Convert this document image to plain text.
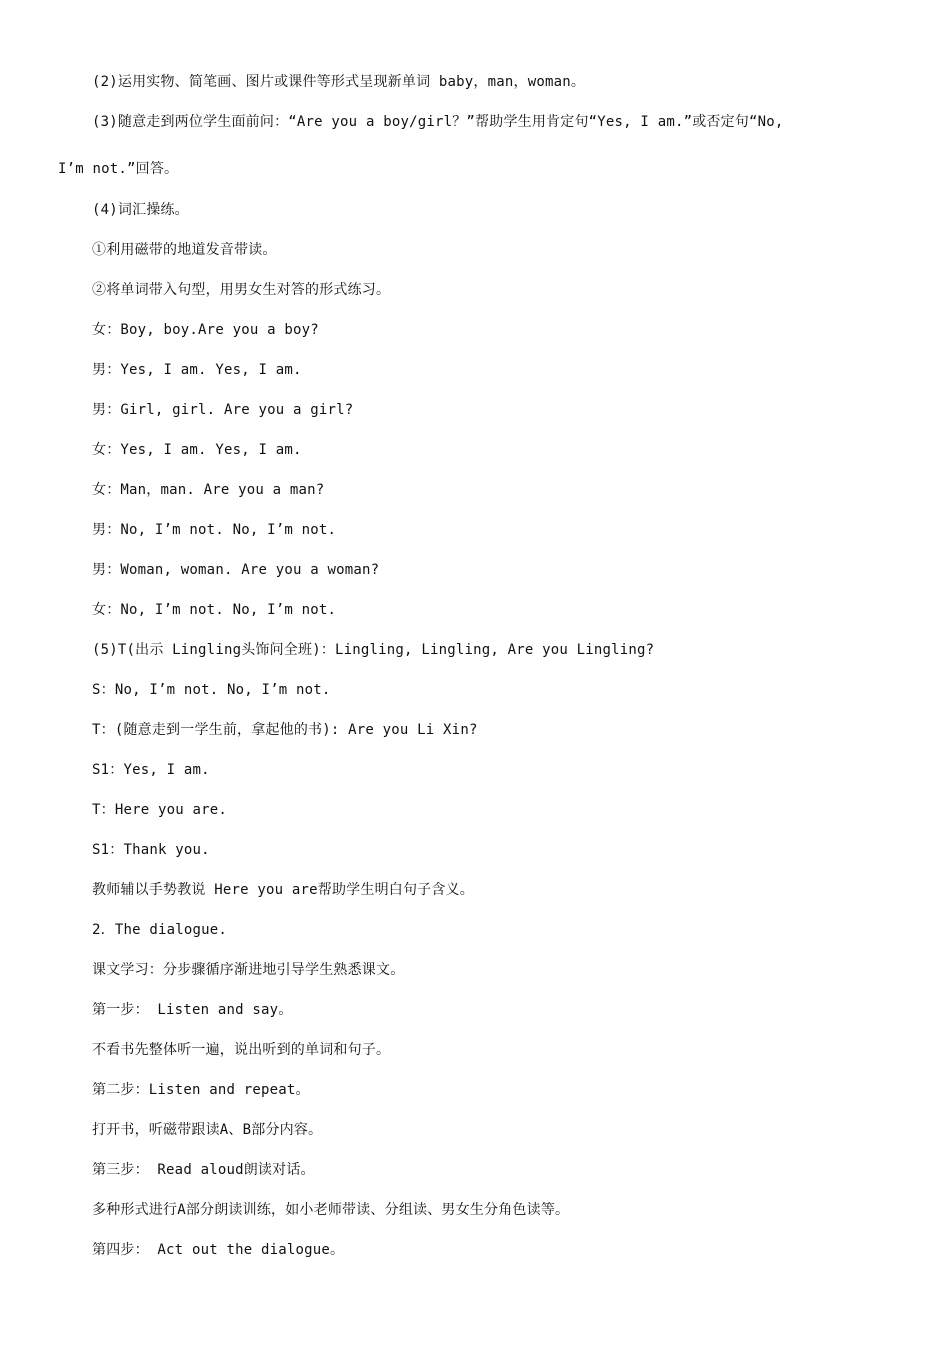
(2)运用实物、简笔画、图片或课件等形式呈现新单词 baby，man，woman。
(3)随意走到两位学生面前问：“Are you a boy/girl？”帮助学生用肯定句“Yes, I am.”或否定句“No,
I’m not.”回答。
(4)词汇操练。
①利用磁带的地道发音带读。
②将单词带入句型，用男女生对答的形式练习。
女：Boy, boy.Are you a boy?
男：Yes, I am. Yes, I am.
男：Girl, girl. Are you a girl?
女：Yes, I am. Yes, I am.
女：Man，man. Are you a man?
男：No, I’m not. No, I’m not.
男：Woman, woman. Are you a woman?
女：No, I’m not. No, I’m not.
(5)T(出示 Lingling头饰问全班)：Lingling, Lingling, Are you Lingling?
S：No, I’m not. No, I’m not.
T：(随意走到一学生前，拿起他的书): Are you Li Xin?
S1：Yes, I am.
T：Here you are.
S1：Thank you.
教师辅以手势教说 Here you are帮助学生明白句子含义。
2．The dialogue.
课文学习：分步骤循序渐进地引导学生熟悉课文。
第一步： Listen and say。
不看书先整体听一遍，说出听到的单词和句子。
第二步：Listen and repeat。
打开书，听磁带跟读A、B部分内容。
第三步： Read aloud朗读对话。
多种形式进行A部分朗读训练，如小老师带读、分组读、男女生分角色读等。
第四步： Act out the dialogue。
